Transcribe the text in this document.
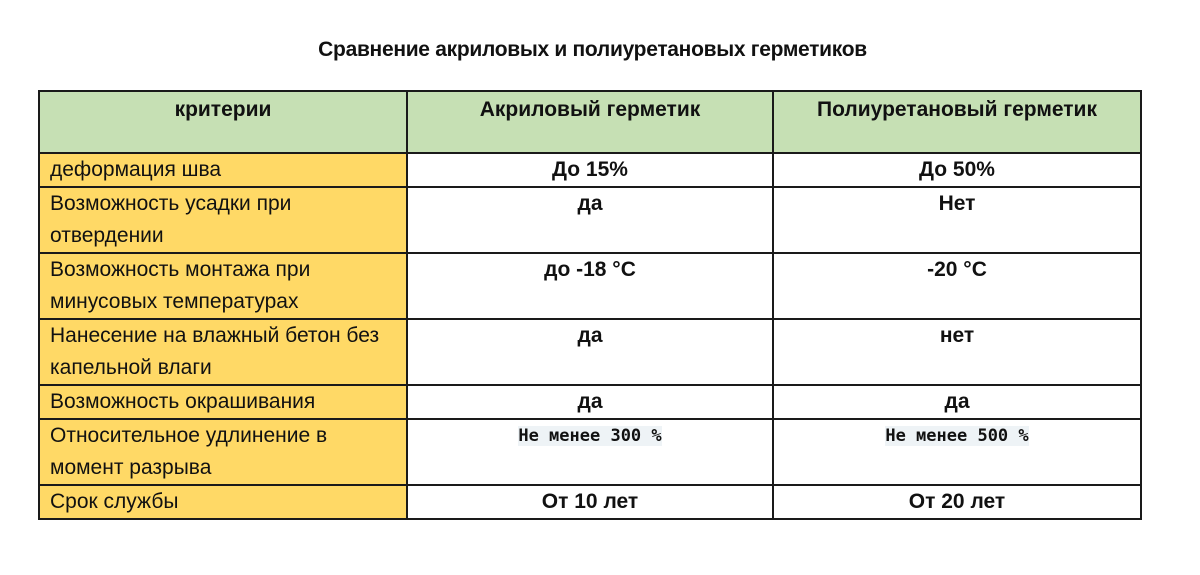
Сравнение акриловых и полиуретановых герметиков
критерии	Акриловый герметик	Полиуретановый герметик
деформация шва	До 15%	До 50%
Возможность усадки при отвердении	да	Нет
Возможность монтажа при минусовых температурах	до -18 °С	-20 °С
Нанесение на влажный бетон без капельной влаги	да	нет
Возможность окрашивания	да	да
Относительное удлинение в момент разрыва	Не менее 300 %	Не менее 500 %
Срок службы	От 10 лет	От 20 лет
